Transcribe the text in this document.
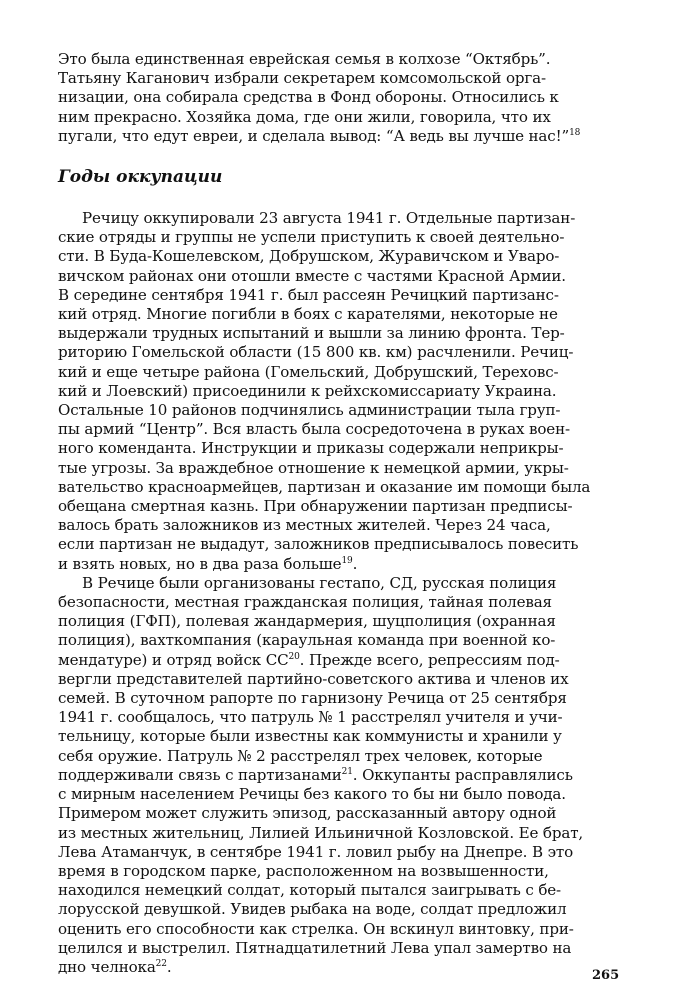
Это была единственная еврейская семья в колхозе “Октябрь”.
Татьяну Каганович избрали секретарем комсомольской орга-
низации, она собирала средства в Фонд обороны. Относились к
ним прекрасно. Хозяйка дома, где они жили, говорила, что их
пугали, что едут евреи, и сделала вывод: “А ведь вы лучше нас!”$^{18}$
Годы оккупации
Речицу оккупировали 23 августа 1941 г. Отдельные партизан-
ские отряды и группы не успели приступить к своей деятельно-
сти. В Буда-Кошелевском, Добрушском, Журавичском и Уваро-
вичском районах они отошли вместе с частями Красной Армии.
В середине сентября 1941 г. был рассеян Речицкий партизанс-
кий отряд. Многие погибли в боях с карателями, некоторые не
выдержали трудных испытаний и вышли за линию фронта. Тер-
риторию Гомельской области (15 800 кв. км) расчленили. Речиц-
кий и еще четыре района (Гомельский, Добрушский, Тереховс-
кий и Лоевский) присоединили к рейхскомиссариату Украина.
Остальные 10 районов подчинялись администрации тыла груп-
пы армий “Центр”. Вся власть была сосредоточена в руках воен-
ного коменданта. Инструкции и приказы содержали неприкры-
тые угрозы. За враждебное отношение к немецкой армии, укры-
вательство красноармейцев, партизан и оказание им помощи была
обещана смертная казнь. При обнаружении партизан предписы-
валось брать заложников из местных жителей. Через 24 часа,
если партизан не выдадут, заложников предписывалось повесить
и взять новых, но в два раза больше$^{19}$.
В Речице были организованы гестапо, СД, русская полиция
безопасности, местная гражданская полиция, тайная полевая
полиция (ГФП), полевая жандармерия, шуцполиция (охранная
полиция), вахткомпания (караульная команда при военной ко-
мендатуре) и отряд войск СС$^{20}$. Прежде всего, репрессиям под-
вергли представителей партийно-советского актива и членов их
семей. В суточном рапорте по гарнизону Речица от 25 сентября
1941 г. сообщалось, что патруль № 1 расстрелял учителя и учи-
тельницу, которые были известны как коммунисты и хранили у
себя оружие. Патруль № 2 расстрелял трех человек, которые
поддерживали связь с партизанами$^{21}$. Оккупанты расправлялись
с мирным населением Речицы без какого то бы ни было повода.
Примером может служить эпизод, рассказанный автору одной
из местных жительниц, Лилией Ильиничной Козловской. Ее брат,
Лева Атаманчук, в сентябре 1941 г. ловил рыбу на Днепре. В это
время в городском парке, расположенном на возвышенности,
находился немецкий солдат, который пытался заигрывать с бе-
лорусской девушкой. Увидев рыбака на воде, солдат предложил
оценить его способности как стрелка. Он вскинул винтовку, при-
целился и выстрелил. Пятнадцатилетний Лева упал замертво на
дно челнока$^{22}$.	265
